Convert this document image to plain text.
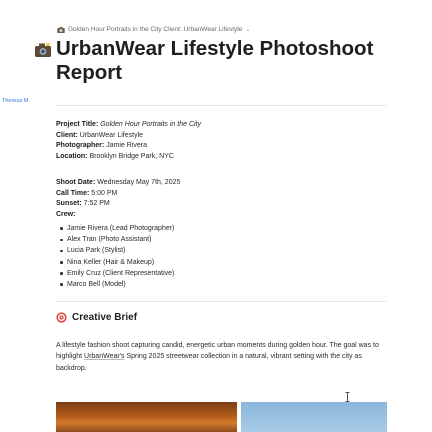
Golden Hour Portraits in the City Client: UrbanWear Lifestyle ⌄
UrbanWear Lifestyle Photoshoot Report
Theresa M
Project Title: Golden Hour Portraits in the City
Client: UrbanWear Lifestyle
Photographer: Jamie Rivera
Location: Brooklyn Bridge Park, NYC
Shoot Date: Wednesday May 7th, 2025
Call Time: 5:00 PM
Sunset: 7:52 PM
Crew:
Jamie Rivera (Lead Photographer)
Alex Tran (Photo Assistant)
Lucia Park (Stylist)
Nina Keller (Hair & Makeup)
Emily Cruz (Client Representative)
Marco Bell (Model)
Creative Brief

A lifestyle fashion shoot capturing candid, energetic urban moments during golden hour. The goal was to highlight UrbanWear's Spring 2025 streetwear collection in a natural, vibrant setting with the city as backdrop.
